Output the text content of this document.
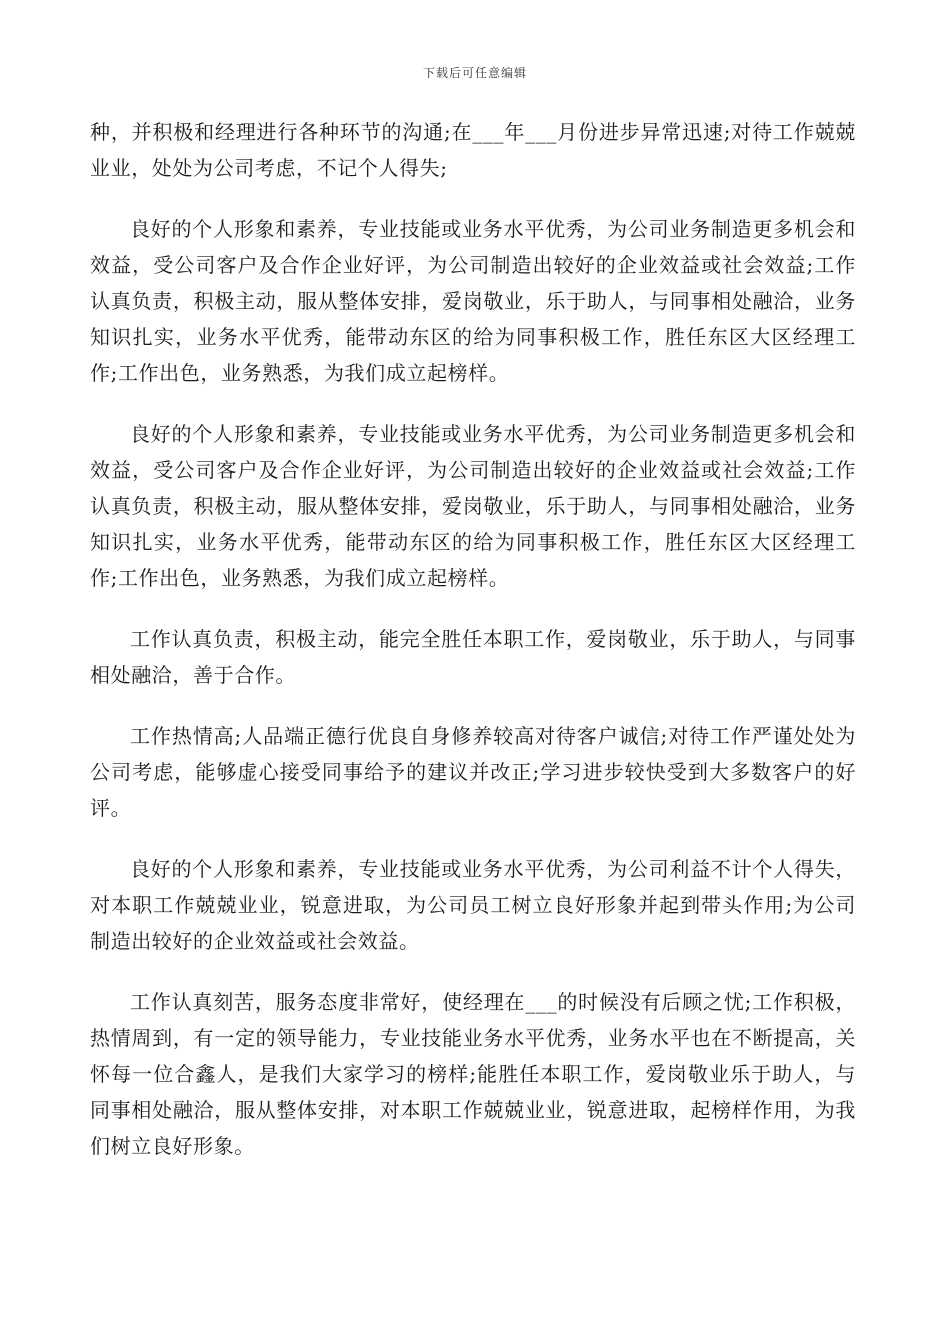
下载后可任意编辑

种，并积极和经理进行各种环节的沟通;在___年___月份进步异常迅速;对待工作兢兢业业，处处为公司考虑，不记个人得失;

良好的个人形象和素养，专业技能或业务水平优秀，为公司业务制造更多机会和效益，受公司客户及合作企业好评，为公司制造出较好的企业效益或社会效益;工作认真负责，积极主动，服从整体安排，爱岗敬业，乐于助人，与同事相处融洽，业务知识扎实，业务水平优秀，能带动东区的给为同事积极工作，胜任东区大区经理工作;工作出色，业务熟悉，为我们成立起榜样。

良好的个人形象和素养，专业技能或业务水平优秀，为公司业务制造更多机会和效益，受公司客户及合作企业好评，为公司制造出较好的企业效益或社会效益;工作认真负责，积极主动，服从整体安排，爱岗敬业，乐于助人，与同事相处融洽，业务知识扎实，业务水平优秀，能带动东区的给为同事积极工作，胜任东区大区经理工作;工作出色，业务熟悉，为我们成立起榜样。

工作认真负责，积极主动，能完全胜任本职工作，爱岗敬业，乐于助人，与同事相处融洽，善于合作。

工作热情高;人品端正德行优良自身修养较高对待客户诚信;对待工作严谨处处为公司考虑，能够虚心接受同事给予的建议并改正;学习进步较快受到大多数客户的好评。

良好的个人形象和素养，专业技能或业务水平优秀，为公司利益不计个人得失，对本职工作兢兢业业，锐意进取，为公司员工树立良好形象并起到带头作用;为公司制造出较好的企业效益或社会效益。

工作认真刻苦，服务态度非常好，使经理在___的时候没有后顾之忧;工作积极，热情周到，有一定的领导能力，专业技能业务水平优秀，业务水平也在不断提高，关怀每一位合鑫人，是我们大家学习的榜样;能胜任本职工作，爱岗敬业乐于助人，与同事相处融洽，服从整体安排，对本职工作兢兢业业，锐意进取，起榜样作用，为我们树立良好形象。
